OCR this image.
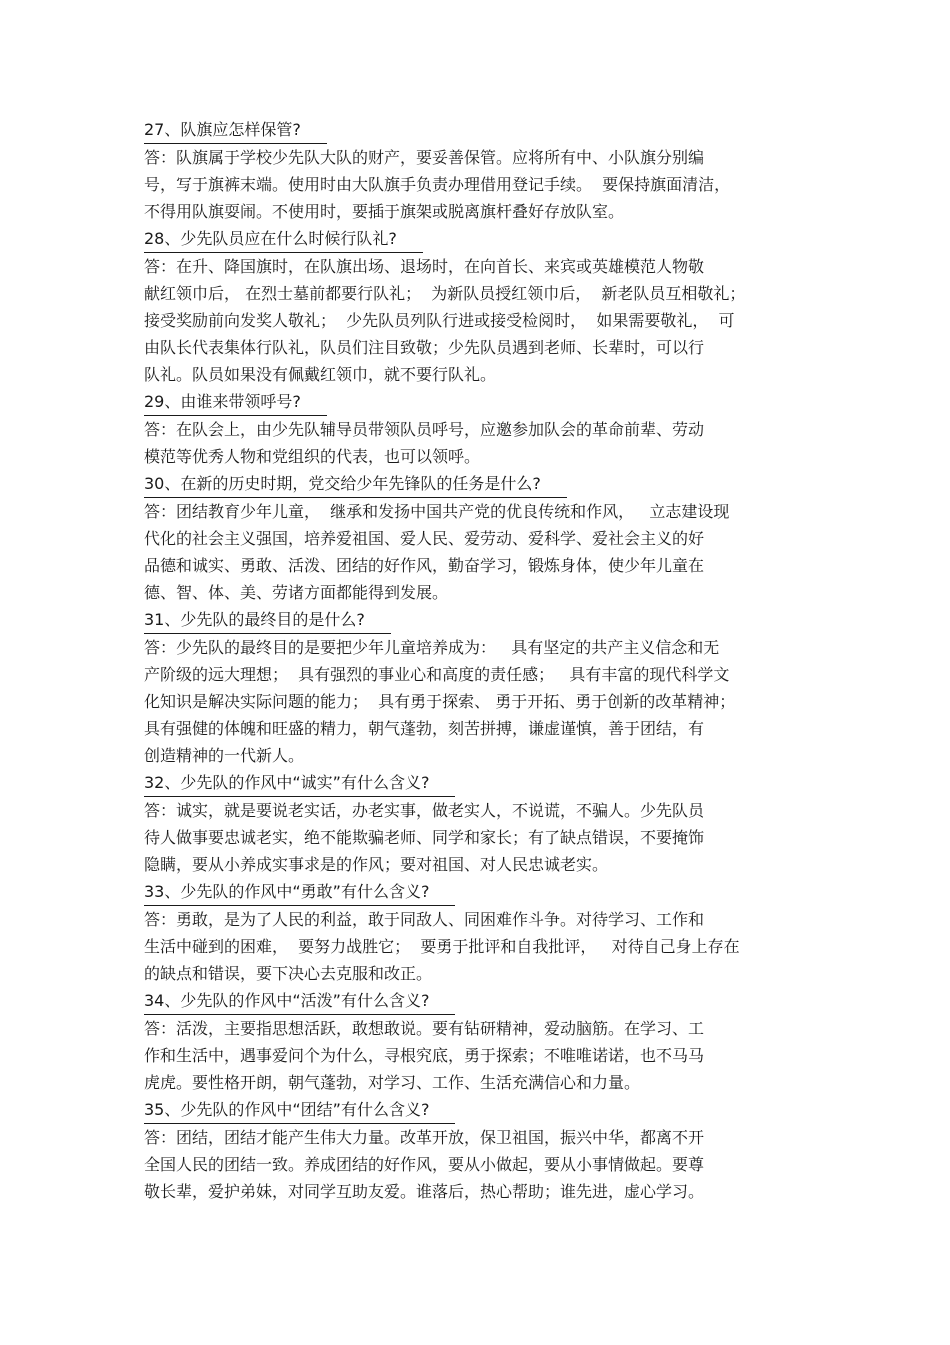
27、队旗应怎样保管?
答：队旗属于学校少先队大队的财产，要妥善保管。应将所有中、小队旗分别编
号，写于旗裤末端。使用时由大队旗手负责办理借用登记手续。  要保持旗面清洁，
不得用队旗耍闹。不使用时，要插于旗架或脱离旗杆叠好存放队室。
28、少先队员应在什么时候行队礼?
答：在升、降国旗时，在队旗出场、退场时，在向首长、来宾或英雄模范人物敬
献红领巾后， 在烈士墓前都要行队礼；  为新队员授红领巾后，  新老队员互相敬礼；
接受奖励前向发奖人敬礼；  少先队员列队行进或接受检阅时，  如果需要敬礼，  可
由队长代表集体行队礼，队员们注目致敬；少先队员遇到老师、长辈时，可以行
队礼。队员如果没有佩戴红领巾，就不要行队礼。
29、由谁来带领呼号?
答：在队会上，由少先队辅导员带领队员呼号，应邀参加队会的革命前辈、劳动
模范等优秀人物和党组织的代表，也可以领呼。
30、在新的历史时期，党交给少年先锋队的任务是什么?
答：团结教育少年儿童，  继承和发扬中国共产党的优良传统和作风，   立志建设现
代化的社会主义强国，培养爱祖国、爱人民、爱劳动、爱科学、爱社会主义的好
品德和诚实、勇敢、活泼、团结的好作风，勤奋学习，锻炼身体，使少年儿童在
德、智、体、美、劳诸方面都能得到发展。
31、少先队的最终目的是什么?
答：少先队的最终目的是要把少年儿童培养成为：   具有坚定的共产主义信念和无
产阶级的远大理想；  具有强烈的事业心和高度的责任感；   具有丰富的现代科学文
化知识是解决实际问题的能力；  具有勇于探索、 勇于开拓、勇于创新的改革精神；
具有强健的体魄和旺盛的精力，朝气蓬勃，刻苦拼搏，谦虚谨慎，善于团结，有
创造精神的一代新人。
32、少先队的作风中“诚实”有什么含义?
答：诚实，就是要说老实话，办老实事，做老实人，不说谎，不骗人。少先队员
待人做事要忠诚老实，绝不能欺骗老师、同学和家长；有了缺点错误，不要掩饰
隐瞒，要从小养成实事求是的作风；要对祖国、对人民忠诚老实。
33、少先队的作风中“勇敢”有什么含义?
答：勇敢，是为了人民的利益，敢于同敌人、同困难作斗争。对待学习、工作和
生活中碰到的困难，  要努力战胜它；  要勇于批评和自我批评，   对待自己身上存在
的缺点和错误，要下决心去克服和改正。
34、少先队的作风中“活泼”有什么含义?
答：活泼，主要指思想活跃，敢想敢说。要有钻研精神，爱动脑筋。在学习、工
作和生活中，遇事爱问个为什么，寻根究底，勇于探索；不唯唯诺诺，也不马马
虎虎。要性格开朗，朝气蓬勃，对学习、工作、生活充满信心和力量。
35、少先队的作风中“团结”有什么含义?
答：团结，团结才能产生伟大力量。改革开放，保卫祖国，振兴中华，都离不开
全国人民的团结一致。养成团结的好作风，要从小做起，要从小事情做起。要尊
敬长辈，爱护弟妹，对同学互助友爱。谁落后，热心帮助；谁先进，虚心学习。
